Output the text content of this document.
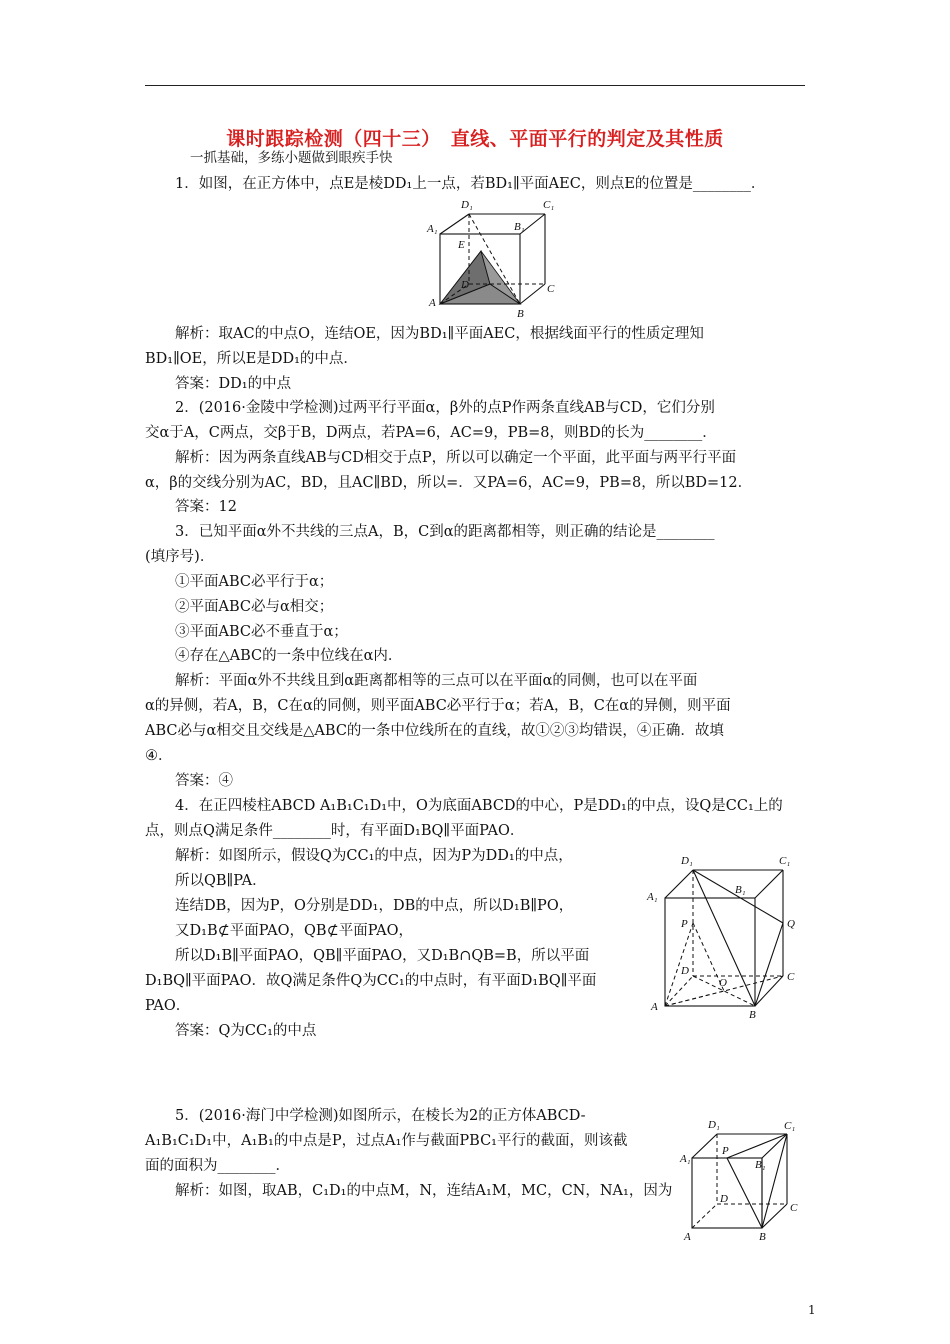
课时跟踪检测（四十三）　直线、平面平行的判定及其性质
一抓基础，多练小题做到眼疾手快
1．如图，在正方体中，点E是棱DD₁上一点，若BD₁∥平面AEC，则点E的位置是________．
D₁	C₁
A₁	B₁
E
D	C
A
B
解析：取AC的中点O，连结OE，因为BD₁∥平面AEC，根据线面平行的性质定理知
BD₁∥OE，所以E是DD₁的中点．
答案：DD₁的中点
2．(2016·金陵中学检测)过两平行平面α，β外的点P作两条直线AB与CD，它们分别
交α于A，C两点，交β于B，D两点，若PA=6，AC=9，PB=8，则BD的长为________．
解析：因为两条直线AB与CD相交于点P，所以可以确定一个平面，此平面与两平行平面
α，β的交线分别为AC，BD，且AC∥BD，所以=．又PA=6，AC=9，PB=8，所以BD=12．
答案：12
3．已知平面α外不共线的三点A，B，C到α的距离都相等，则正确的结论是________
(填序号)．
①平面ABC必平行于α；
②平面ABC必与α相交；
③平面ABC必不垂直于α；
④存在△ABC的一条中位线在α内．
解析：平面α外不共线且到α距离都相等的三点可以在平面α的同侧，也可以在平面
α的异侧，若A，B，C在α的同侧，则平面ABC必平行于α；若A，B，C在α的异侧，则平面
ABC必与α相交且交线是△ABC的一条中位线所在的直线，故①②③均错误，④正确．故填
④．
答案：④
4．在正四棱柱ABCD A₁B₁C₁D₁中，O为底面ABCD的中心，P是DD₁的中点，设Q是CC₁上的
点，则点Q满足条件________时，有平面D₁BQ∥平面PAO．
解析：如图所示，假设Q为CC₁的中点，因为P为DD₁的中点，
所以QB∥PA．
连结DB，因为P，O分别是DD₁，DB的中点，所以D₁B∥PO，
又D₁B⊄平面PAO，QB⊄平面PAO，
所以D₁B∥平面PAO，QB∥平面PAO，又D₁B∩QB=B，所以平面
D₁BQ∥平面PAO．故Q满足条件Q为CC₁的中点时，有平面D₁BQ∥平面
PAO．
答案：Q为CC₁的中点
D₁	C₁
A₁
B₁
P	Q
D	C
O
A
B
5．(2016·海门中学检测)如图所示，在棱长为2的正方体ABCD-
A₁B₁C₁D₁中，A₁B₁的中点是P，过点A₁作与截面PBC₁平行的截面，则该截
面的面积为________．
解析：如图，取AB，C₁D₁的中点M，N，连结A₁M，MC，CN，NA₁，因为
D₁	C₁
A₁
P
B₁
D
C
A	B
1
